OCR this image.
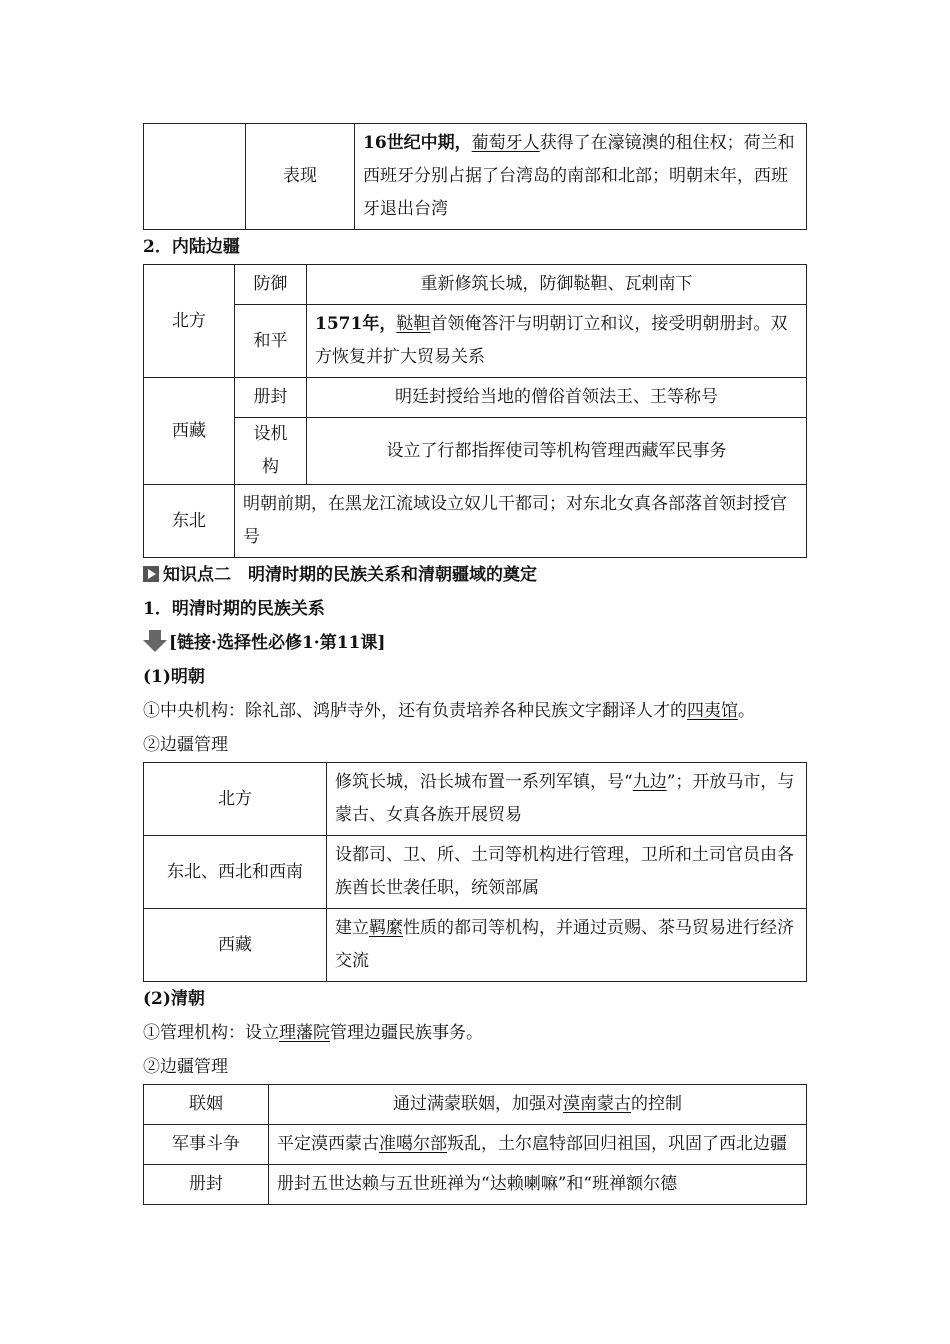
	表现	16世纪中期，葡萄牙人获得了在濠镜澳的租住权；荷兰和西班牙分别占据了台湾岛的南部和北部；明朝末年，西班牙退出台湾
2．内陆边疆
北方	防御	重新修筑长城，防御鞑靼、瓦剌南下
	和平	1571年，鞑靼首领俺答汗与明朝订立和议，接受明朝册封。双方恢复并扩大贸易关系
西藏	册封	明廷封授给当地的僧俗首领法王、王等称号
	设机构	设立了行都指挥使司等机构管理西藏军民事务
东北	明朝前期，在黑龙江流域设立奴儿干都司；对东北女真各部落首领封授官号	
知识点二　明清时期的民族关系和清朝疆域的奠定
1．明清时期的民族关系
[链接·选择性必修1·第11课]
(1)明朝

①中央机构：除礼部、鸿胪寺外，还有负责培养各种民族文字翻译人才的四夷馆。

②边疆管理

北方	修筑长城，沿长城布置一系列军镇，号“九边”；开放马市，与蒙古、女真各族开展贸易
东北、西北和西南	设都司、卫、所、土司等机构进行管理，卫所和土司官员由各族酋长世袭任职，统领部属
西藏	建立羁縻性质的都司等机构，并通过贡赐、茶马贸易进行经济交流
(2)清朝

①管理机构：设立理藩院管理边疆民族事务。

②边疆管理

联姻	通过满蒙联姻，加强对漠南蒙古的控制
军事斗争	平定漠西蒙古准噶尔部叛乱，土尔扈特部回归祖国，巩固了西北边疆
册封	册封五世达赖与五世班禅为“达赖喇嘛”和“班禅额尔德
